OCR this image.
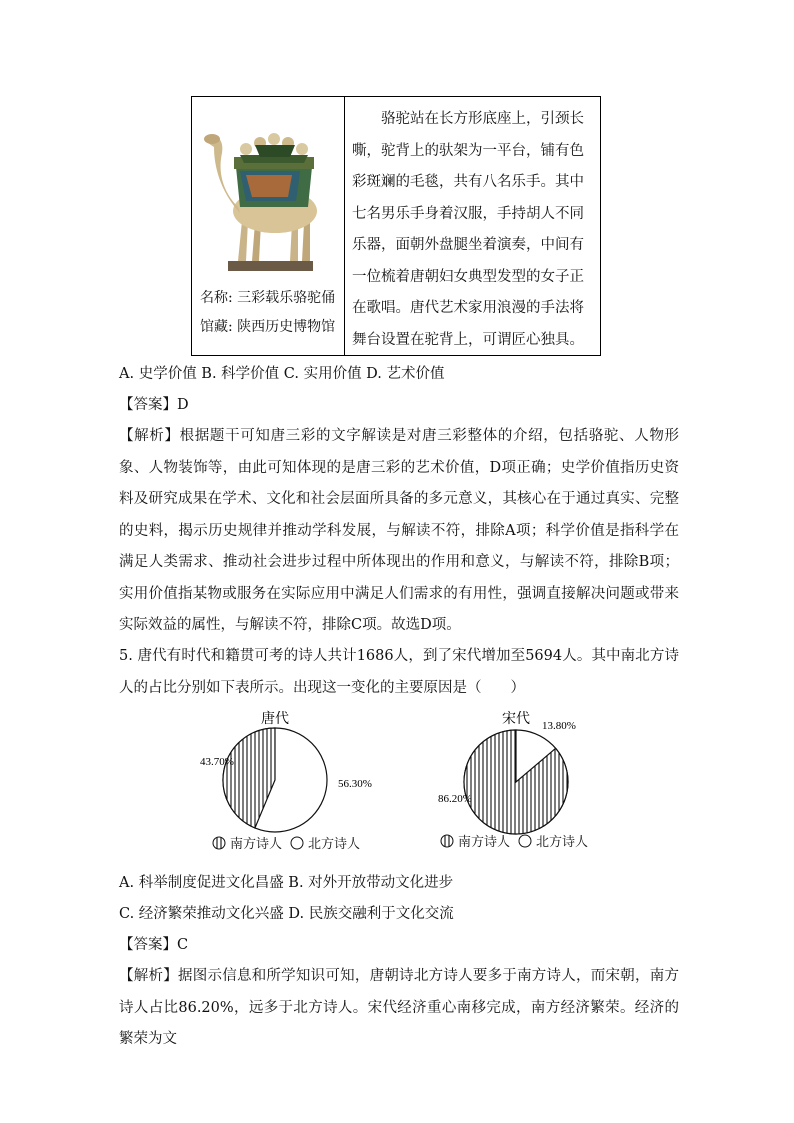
名称: 三彩载乐骆驼俑
馆藏: 陕西历史博物馆

骆驼站在长方形底座上，引颈长嘶，驼背上的驮架为一平台，铺有色彩斑斓的毛毯，共有八名乐手。其中七名男乐手身着汉服，手持胡人不同乐器，面朝外盘腿坐着演奏，中间有一位梳着唐朝妇女典型发型的女子正在歌唱。唐代艺术家用浪漫的手法将舞台设置在驼背上，可谓匠心独具。

A. 史学价值 B. 科学价值 C. 实用价值 D. 艺术价值
【答案】D

【解析】根据题干可知唐三彩的文字解读是对唐三彩整体的介绍，包括骆驼、人物形象、人物装饰等，由此可知体现的是唐三彩的艺术价值，D项正确；史学价值指历史资料及研究成果在学术、文化和社会层面所具备的多元意义，其核心在于通过真实、完整的史料，揭示历史规律并推动学科发展，与解读不符，排除A项；科学价值是指科学在满足人类需求、推动社会进步过程中所体现出的作用和意义，与解读不符，排除B项；实用价值指某物或服务在实际应用中满足人们需求的有用性，强调直接解决问题或带来实际效益的属性，与解读不符，排除C项。故选D项。

5. 唐代有时代和籍贯可考的诗人共计1686人，到了宋代增加至5694人。其中南北方诗人的占比分别如下表所示。出现这一变化的主要原因是（　　）

唐代
43.70%
56.30%
宋代
86.20%
13.80%
南方诗人 北方诗人	南方诗人 北方诗人
A. 科举制度促进文化昌盛 B. 对外开放带动文化进步
C. 经济繁荣推动文化兴盛 D. 民族交融利于文化交流
【答案】C

【解析】据图示信息和所学知识可知，唐朝诗北方诗人要多于南方诗人，而宋朝，南方诗人占比86.20%，远多于北方诗人。宋代经济重心南移完成，南方经济繁荣。经济的繁荣为文
